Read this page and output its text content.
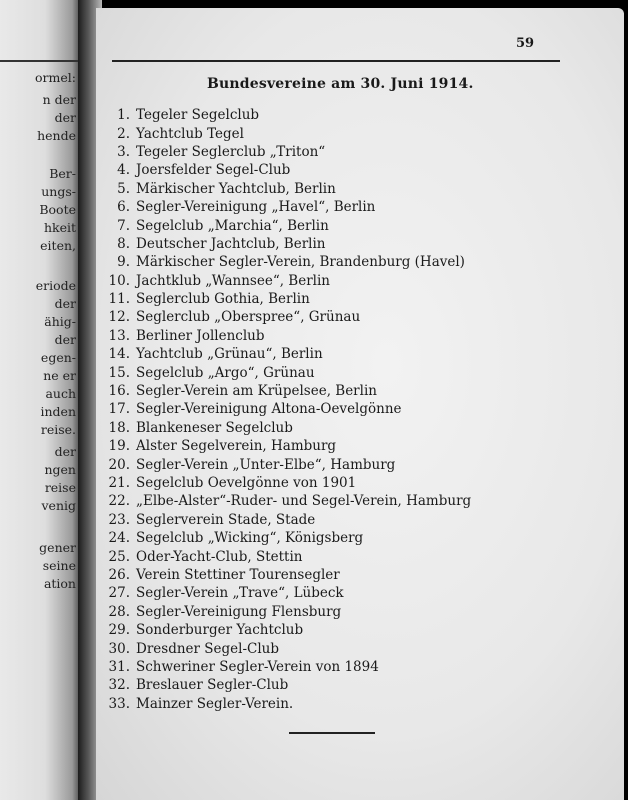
ormel:
n der
der
hende
Ber-
ungs-
Boote
hkeit
eiten,
eriode
der
ähig-
der
egen-
ne er
auch
inden
reise.
der
ngen
reise
venig
gener
seine
ation
59
Bundesvereine am 30. Juni 1914.
1. Tegeler Segelclub
2. Yachtclub Tegel
3. Tegeler Seglerclub „Triton“
4. Joersfelder Segel-Club
5. Märkischer Yachtclub, Berlin
6. Segler-Vereinigung „Havel“, Berlin
7. Segelclub „Marchia“, Berlin
8. Deutscher Jachtclub, Berlin
9. Märkischer Segler-Verein, Brandenburg (Havel)
10. Jachtklub „Wannsee“, Berlin
11. Seglerclub Gothia, Berlin
12. Seglerclub „Oberspree“, Grünau
13. Berliner Jollenclub
14. Yachtclub „Grünau“, Berlin
15. Segelclub „Argo“, Grünau
16. Segler-Verein am Krüpelsee, Berlin
17. Segler-Vereinigung Altona-Oevelgönne
18. Blankeneser Segelclub
19. Alster Segelverein, Hamburg
20. Segler-Verein „Unter-Elbe“, Hamburg
21. Segelclub Oevelgönne von 1901
22. „Elbe-Alster“-Ruder- und Segel-Verein, Hamburg
23. Seglerverein Stade, Stade
24. Segelclub „Wicking“, Königsberg
25. Oder-Yacht-Club, Stettin
26. Verein Stettiner Tourensegler
27. Segler-Verein „Trave“, Lübeck
28. Segler-Vereinigung Flensburg
29. Sonderburger Yachtclub
30. Dresdner Segel-Club
31. Schweriner Segler-Verein von 1894
32. Breslauer Segler-Club
33. Mainzer Segler-Verein.
